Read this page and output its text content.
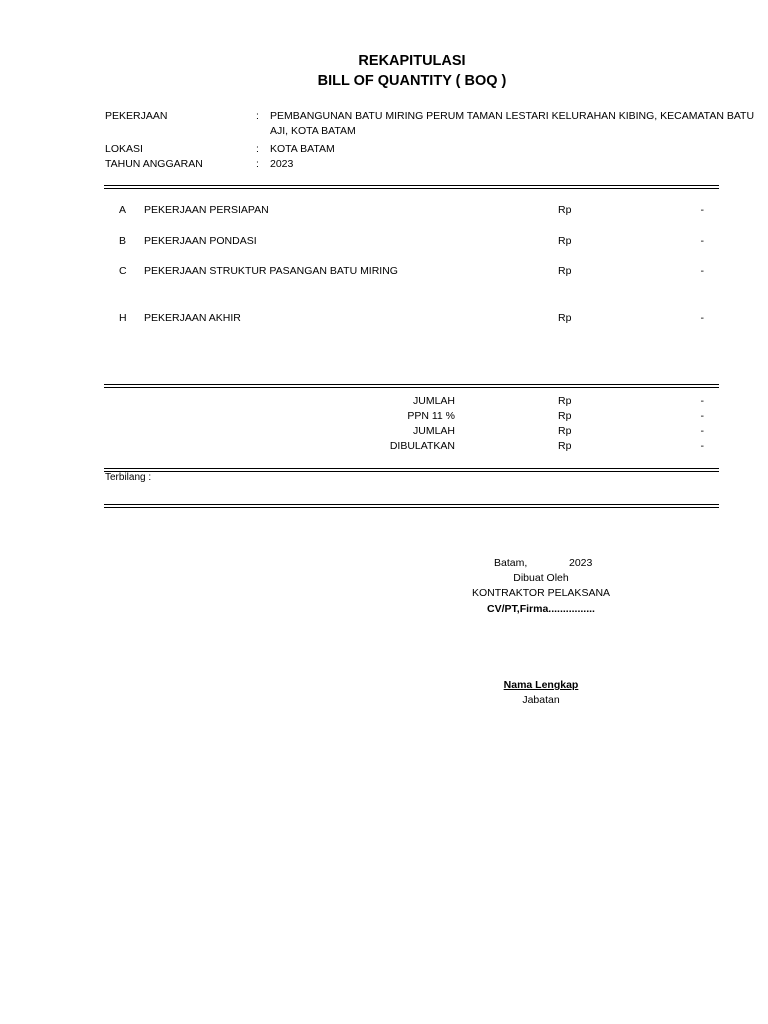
REKAPITULASI
BILL OF QUANTITY ( BOQ )
PEKERJAAN	: PEMBANGUNAN BATU MIRING PERUM TAMAN LESTARI KELURAHAN KIBING, KECAMATAN BATU
AJI, KOTA BATAM
LOKASI	: KOTA BATAM
TAHUN ANGGARAN	: 2023
A PEKERJAAN PERSIAPAN	Rp	-
B PEKERJAAN PONDASI	Rp	-
C PEKERJAAN STRUKTUR PASANGAN BATU MIRING	Rp	-
H PEKERJAAN AKHIR	Rp	-
JUMLAH	Rp	-
PPN 11 %	Rp	-
JUMLAH	Rp	-
DIBULATKAN	Rp	-
Terbilang :
Batam,	2023
Dibuat Oleh
KONTRAKTOR PELAKSANA
CV/PT,Firma................
Nama Lengkap
Jabatan
